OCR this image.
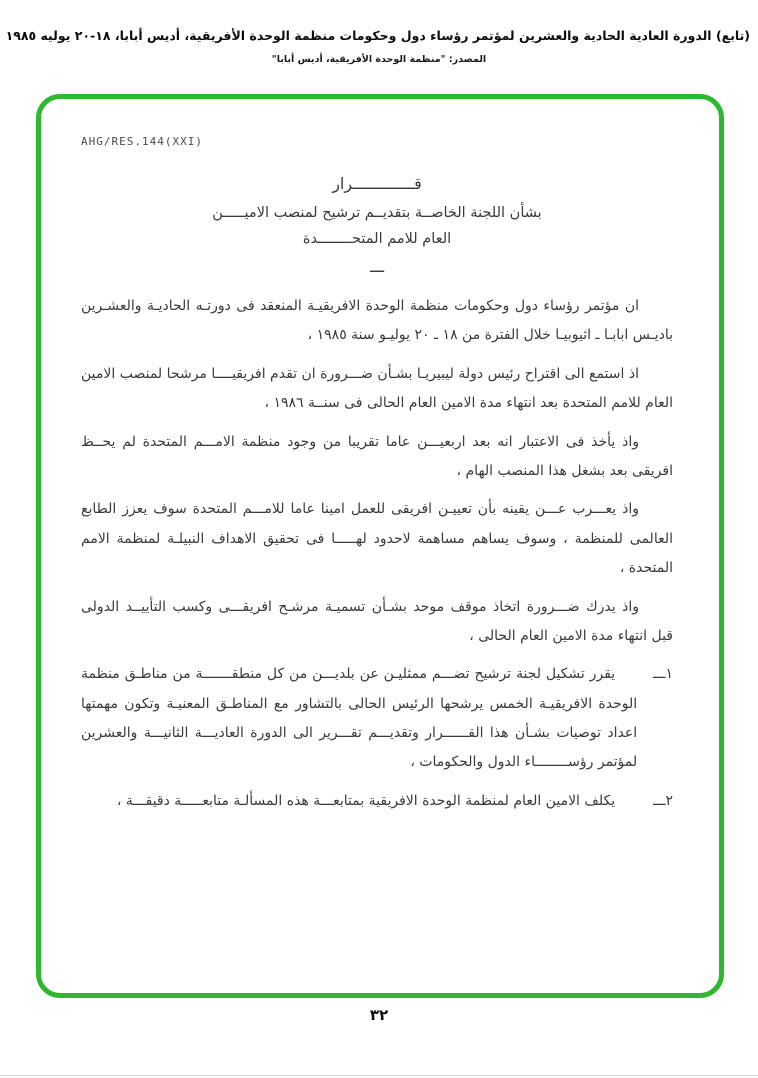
(تابع) الدورة العادية الحادية والعشرين لمؤتمر رؤساء دول وحكومات منظمة الوحدة الأفريقية، أديس أبابا، ١٨-٢٠ يوليه ١٩٨٥
المصدر: "منظمة الوحدة الأفريقية، أديس أبابا"
AHG/RES.144(XXI)
قـــــــــــــرار
بشأن اللجنة الخاصــة بتقديــم ترشيح لمنصب الاميـــــن
العام للامم المتحــــــــدة
ـــ

ان مؤتمر رؤساء دول وحكومات منظمة الوحدة الافريقيـة المنعقد فى دورتـه الحاديـة والعشـرين باديـس ابابـا ـ اثيوبيـا خلال الفترة من ١٨ ـ ٢٠ يوليـو سنة ١٩٨٥ ،

اذ استمع الى اقتراح رئيس دولة ليبيريـا بشـأن ضـــرورة ان تقدم افريقيــــا مرشحا لمنصب الامين العام للامم المتحدة بعد انتهاء مدة الامين العام الحالى فى سنــة ١٩٨٦ ،

واذ يأخذ فى الاعتبار انه بعد اربعيـــن عاما تقريبا من وجود منظمة الامـــم المتحدة لم يحــظ افريقى بعد بشغل هذا المنصب الهام ،

واذ يعـــرب عـــن يقينه بأن تعييـن افريقى للعمل امينا عاما للامـــم المتحدة سوف يعزز الطابع العالمى للمنظمة ، وسوف يساهم مساهمة لاحدود لهـــــا فى تحقيق الاهداف النبيلـة لمنظمة الامم المتحدة ،

واذ يدرك ضـــرورة اتخاذ موقف موحد بشـأن تسميـة مرشـح افريقـــى وكسب التأييــد الدولى قبل انتهاء مدة الامين العام الحالى ،

١ـــ

يقرر تشكيل لجنة ترشيح تضـــم ممثليـن عن بلديـــن من كل منطقـــــــة من مناطـق منظمة الوحدة الافريقيـة الخمس يرشحها الرئيس الحالى بالتشاور مع المناطـق المعنيـة وتكون مهمتها اعداد توصيات بشـأن هذا القــــــرار وتقديـــم تقـــرير الى الدورة العاديـــة الثانيـــة والعشرين لمؤتمر رؤســــــــاء الدول والحكومات ،

٢ـــ

يكلف الامين العام لمنظمة الوحدة الافريقية بمتابعـــة هذه المسألـة متابعـــــة دقيقـــة ،

٣٢
